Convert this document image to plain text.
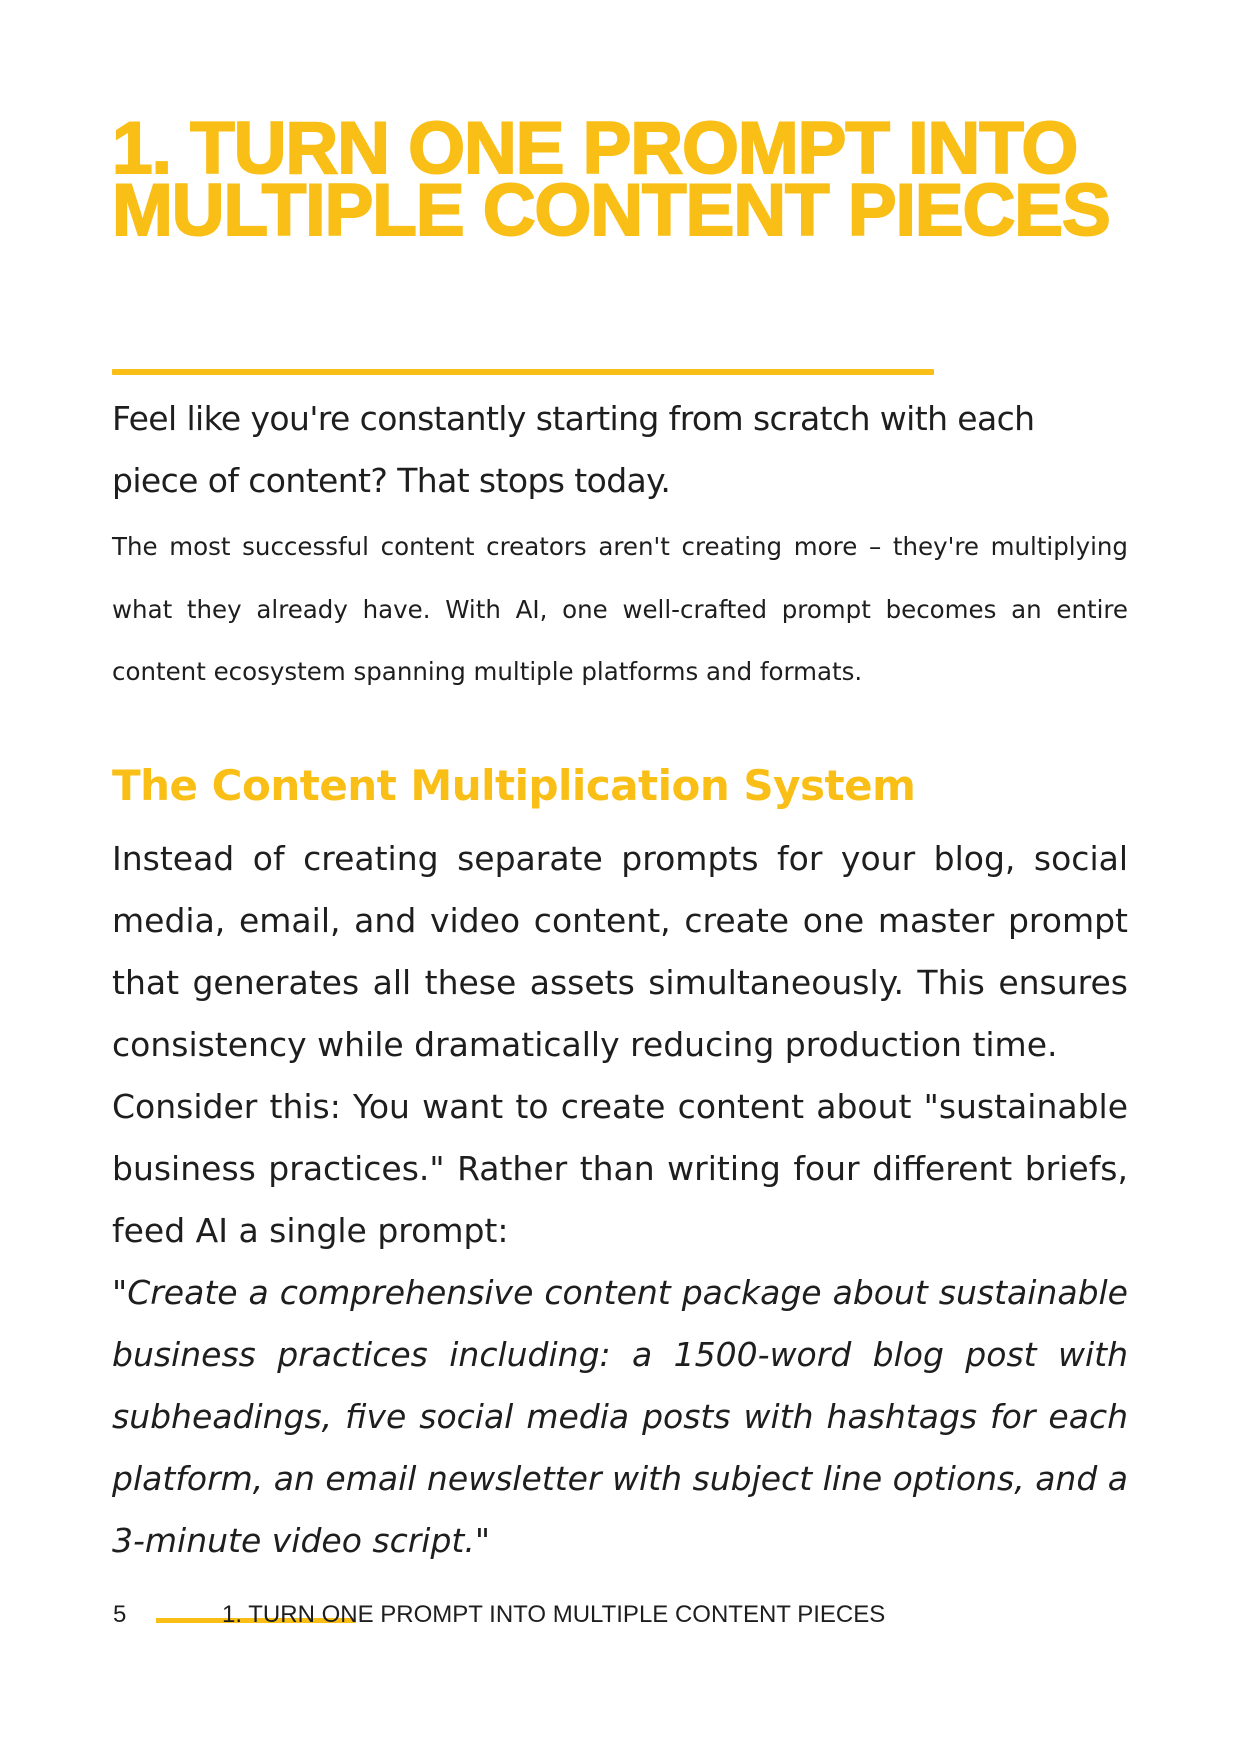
1. TURN ONE PROMPT INTO MULTIPLE CONTENT PIECES

Feel like you're constantly starting from scratch with each piece of content? That stops today.

The most successful content creators aren't creating more – they're multiplying what they already have. With AI, one well-crafted prompt becomes an entire content ecosystem spanning multiple platforms and formats.

The Content Multiplication System

Instead of creating separate prompts for your blog, social media, email, and video content, create one master prompt that generates all these assets simultaneously. This ensures consistency while dramatically reducing production time.

Consider this: You want to create content about "sustainable business practices." Rather than writing four different briefs, feed AI a single prompt:

"Create a comprehensive content package about sustainable business practices including: a 1500-word blog post with subheadings, five social media posts with hashtags for each platform, an email newsletter with subject line options, and a 3-minute video script."

5	1. TURN ONE PROMPT INTO MULTIPLE CONTENT PIECES
